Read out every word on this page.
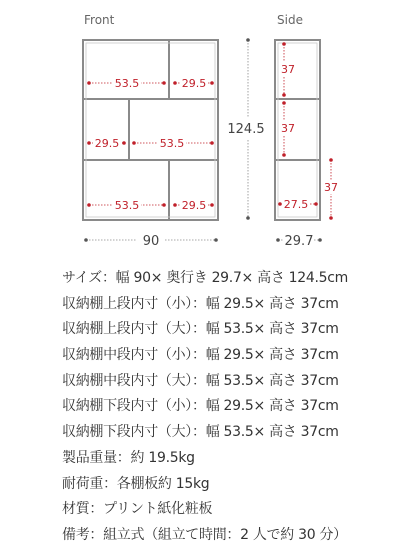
Front	Side
53.5	29.5
29.5	53.5
53.5	29.5
90
124.5
37
37
37
27.5
29.7
サイズ：幅 90× 奥行き 29.7× 高さ 124.5cm
収納棚上段内寸（小）：幅 29.5× 高さ 37cm
収納棚上段内寸（大）：幅 53.5× 高さ 37cm
収納棚中段内寸（小）：幅 29.5× 高さ 37cm
収納棚中段内寸（大）：幅 53.5× 高さ 37cm
収納棚下段内寸（小）：幅 29.5× 高さ 37cm
収納棚下段内寸（大）：幅 53.5× 高さ 37cm
製品重量：約 19.5kg
耐荷重：各棚板約 15kg
材質：プリント紙化粧板
備考：組立式（組立て時間：2 人で約 30 分）
